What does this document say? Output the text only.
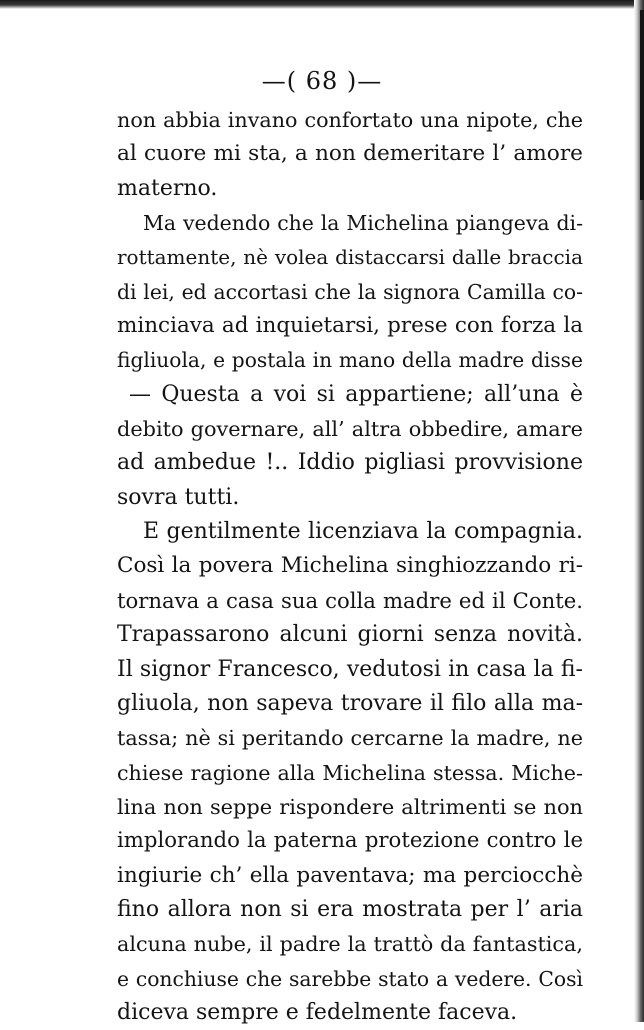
—( 68 )—
non abbia invano confortato una nipote, che
al cuore mi sta, a non demeritare l’ amore
materno.
Ma vedendo che la Michelina piangeva di-
rottamente, nè volea distaccarsi dalle braccia
di lei, ed accortasi che la signora Camilla co-
minciava ad inquietarsi, prese con forza la
figliuola, e postala in mano della madre disse
— Questa a voi si appartiene; all’una è
debito governare, all’ altra obbedire, amare
ad ambedue !.. Iddio pigliasi provvisione
sovra tutti.
E gentilmente licenziava la compagnia.
Così la povera Michelina singhiozzando ri-
tornava a casa sua colla madre ed il Conte.
Trapassarono alcuni giorni senza novità.
Il signor Francesco, vedutosi in casa la fi-
gliuola, non sapeva trovare il filo alla ma-
tassa; nè si peritando cercarne la madre, ne
chiese ragione alla Michelina stessa. Miche-
lina non seppe rispondere altrimenti se non
implorando la paterna protezione contro le
ingiurie ch’ ella paventava; ma perciocchè
fino allora non si era mostrata per l’ aria
alcuna nube, il padre la trattò da fantastica,
e conchiuse che sarebbe stato a vedere. Così
diceva sempre e fedelmente faceva.
